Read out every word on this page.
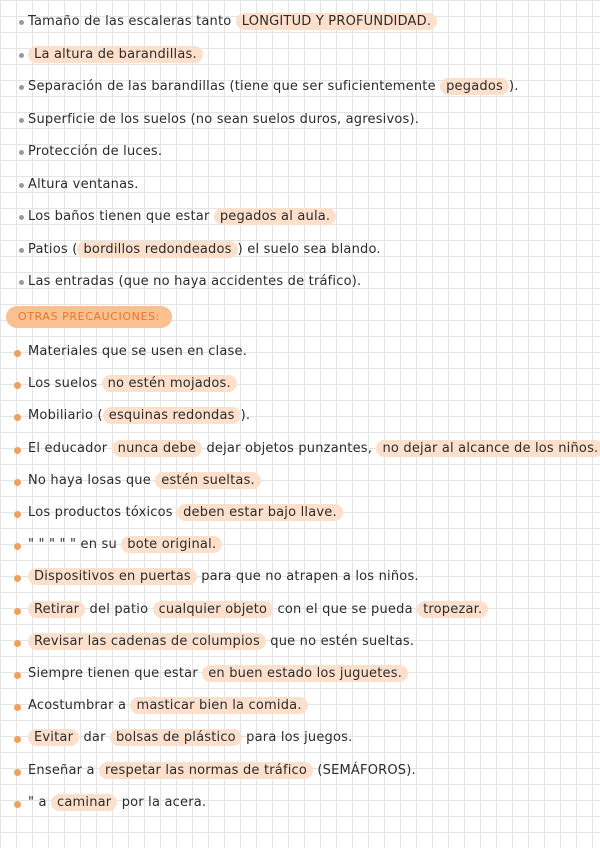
Tamaño de las escaleras tanto LONGITUD Y PROFUNDIDAD.
La altura de barandillas.
Separación de las barandillas (tiene que ser suficientemente pegados ).
Superficie de los suelos (no sean suelos duros, agresivos).
Protección de luces.
Altura ventanas.
Los baños tienen que estar pegados al aula.
Patios ( bordillos redondeados ) el suelo sea blando.
Las entradas (que no haya accidentes de tráfico).
OTRAS PRECAUCIONES:
Materiales que se usen en clase.
Los suelos no estén mojados.
Mobiliario ( esquinas redondas ).
El educador nunca debe dejar objetos punzantes, no dejar al alcance de los niños.
No haya losas que estén sueltas.
Los productos tóxicos deben estar bajo llave.
" " " " " en su bote original.
Dispositivos en puertas para que no atrapen a los niños.
Retirar del patio cualquier objeto con el que se pueda tropezar.
Revisar las cadenas de columpios que no estén sueltas.
Siempre tienen que estar en buen estado los juguetes.
Acostumbrar a masticar bien la comida.
Evitar dar bolsas de plástico para los juegos.
Enseñar a respetar las normas de tráfico (SEMÁFOROS).
" a caminar por la acera.
